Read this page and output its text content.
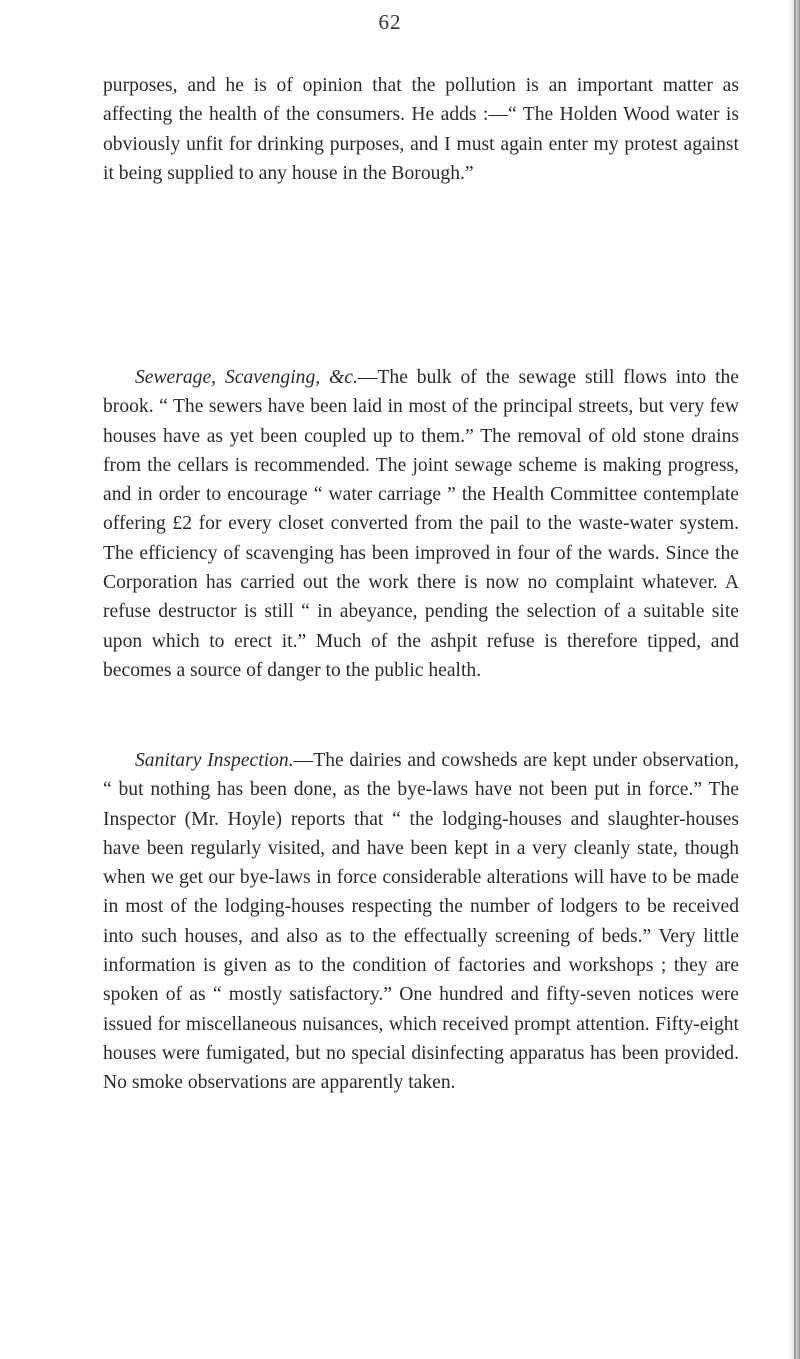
62

purposes, and he is of opinion that the pollution is an important matter as affecting the health of the consumers. He adds :—“ The Holden Wood water is obviously unfit for drinking purposes, and I must again enter my protest against it being supplied to any house in the Borough.”

Sewerage, Scavenging, &c.—The bulk of the sewage still flows into the brook. “ The sewers have been laid in most of the principal streets, but very few houses have as yet been coupled up to them.” The removal of old stone drains from the cellars is recommended. The joint sewage scheme is making progress, and in order to encourage “ water carriage ” the Health Committee contemplate offering £2 for every closet converted from the pail to the waste-water system. The efficiency of scavenging has been improved in four of the wards. Since the Corporation has carried out the work there is now no complaint whatever. A refuse destructor is still “ in abeyance, pending the selection of a suitable site upon which to erect it.” Much of the ashpit refuse is therefore tipped, and becomes a source of danger to the public health.

Sanitary Inspection.—The dairies and cowsheds are kept under observation, “ but nothing has been done, as the bye-laws have not been put in force.” The Inspector (Mr. Hoyle) reports that “ the lodging-houses and slaughter-houses have been regularly visited, and have been kept in a very cleanly state, though when we get our bye-laws in force considerable alterations will have to be made in most of the lodging-houses respecting the number of lodgers to be received into such houses, and also as to the effectually screening of beds.” Very little information is given as to the condition of factories and workshops ; they are spoken of as “ mostly satisfactory.” One hundred and fifty-seven notices were issued for miscellaneous nuisances, which received prompt attention. Fifty-eight houses were fumigated, but no special disinfecting apparatus has been provided. No smoke observations are apparently taken.
